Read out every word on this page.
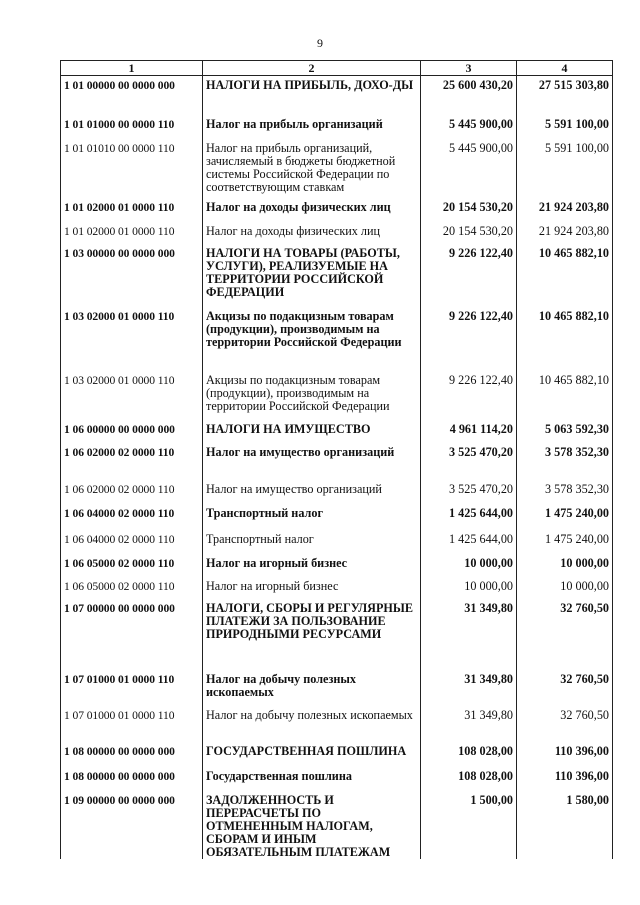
9
1	2	3	4
1 01 00000 00 0000 000	НАЛОГИ НА ПРИБЫЛЬ, ДОХО-ДЫ	25 600 430,20	27 515 303,80
1 01 01000 00 0000 110	Налог на прибыль организаций	5 445 900,00	5 591 100,00
1 01 01010 00 0000 110	Налог на прибыль организаций, зачисляемый в бюджеты бюджетной системы Российской Федерации по соответствующим ставкам	5 445 900,00	5 591 100,00
1 01 02000 01 0000 110	Налог на доходы физических лиц	20 154 530,20	21 924 203,80
1 01 02000 01 0000 110	Налог на доходы физических лиц	20 154 530,20	21 924 203,80
1 03 00000 00 0000 000	НАЛОГИ НА ТОВАРЫ (РАБОТЫ, УСЛУГИ), РЕАЛИЗУЕМЫЕ НА ТЕРРИТОРИИ РОССИЙСКОЙ ФЕДЕРАЦИИ	9 226 122,40	10 465 882,10
1 03 02000 01 0000 110	Акцизы по подакцизным товарам (продукции), производимым на территории Российской Федерации	9 226 122,40	10 465 882,10
1 03 02000 01 0000 110	Акцизы по подакцизным товарам (продукции), производимым на территории Российской Федерации	9 226 122,40	10 465 882,10
1 06 00000 00 0000 000	НАЛОГИ НА ИМУЩЕСТВО	4 961 114,20	5 063 592,30
1 06 02000 02 0000 110	Налог на имущество организаций	3 525 470,20	3 578 352,30
1 06 02000 02 0000 110	Налог на имущество организаций	3 525 470,20	3 578 352,30
1 06 04000 02 0000 110	Транспортный налог	1 425 644,00	1 475 240,00
1 06 04000 02 0000 110	Транспортный налог	1 425 644,00	1 475 240,00
1 06 05000 02 0000 110	Налог на игорный бизнес	10 000,00	10 000,00
1 06 05000 02 0000 110	Налог на игорный бизнес	10 000,00	10 000,00
1 07 00000 00 0000 000	НАЛОГИ, СБОРЫ И РЕГУЛЯРНЫЕ ПЛАТЕЖИ ЗА ПОЛЬЗОВАНИЕ ПРИРОДНЫМИ РЕСУРСАМИ	31 349,80	32 760,50
1 07 01000 01 0000 110	Налог на добычу полезных ископаемых	31 349,80	32 760,50
1 07 01000 01 0000 110	Налог на добычу полезных ископаемых	31 349,80	32 760,50
1 08 00000 00 0000 000	ГОСУДАРСТВЕННАЯ ПОШЛИНА	108 028,00	110 396,00
1 08 00000 00 0000 000	Государственная пошлина	108 028,00	110 396,00
1 09 00000 00 0000 000	ЗАДОЛЖЕННОСТЬ И ПЕРЕРАСЧЕТЫ ПО ОТМЕНЕННЫМ НАЛОГАМ, СБОРАМ И ИНЫМ ОБЯЗАТЕЛЬНЫМ ПЛАТЕЖАМ	1 500,00	1 580,00
